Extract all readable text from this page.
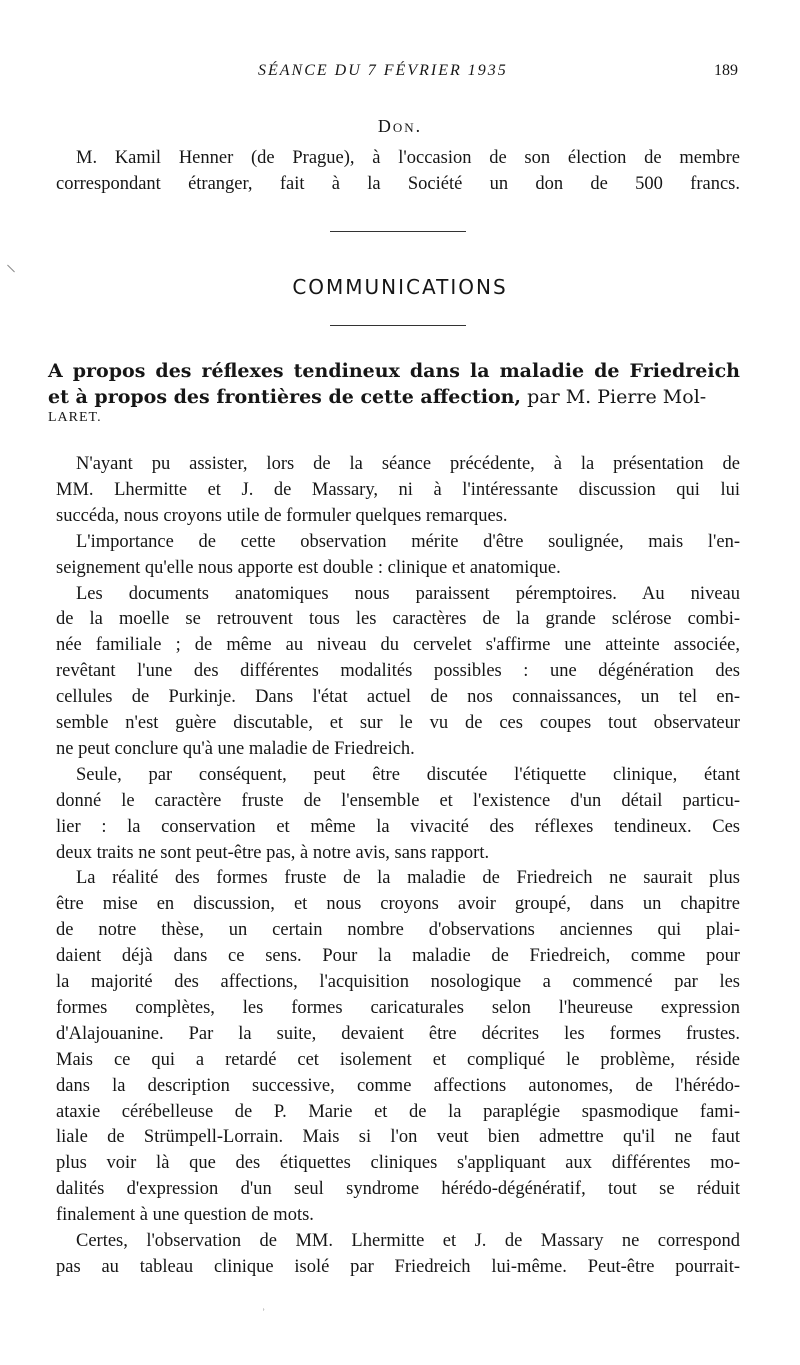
SÉANCE DU 7 FÉVRIER 1935	189
Don.
M. Kamil Henner (de Prague), à l'occasion de son élection de membre
correspondant étranger, fait à la Société un don de 500 francs.
COMMUNICATIONS
A propos des réflexes tendineux dans la maladie de Friedreich
et à propos des frontières de cette affection, par M. Pierre Mol-
LARET.
N'ayant pu assister, lors de la séance précédente, à la présentation de
MM. Lhermitte et J. de Massary, ni à l'intéressante discussion qui lui
succéda, nous croyons utile de formuler quelques remarques.
L'importance de cette observation mérite d'être soulignée, mais l'en-
seignement qu'elle nous apporte est double : clinique et anatomique.
Les documents anatomiques nous paraissent péremptoires. Au niveau
de la moelle se retrouvent tous les caractères de la grande sclérose combi-
née familiale ; de même au niveau du cervelet s'affirme une atteinte associée,
revêtant l'une des différentes modalités possibles : une dégénération des
cellules de Purkinje. Dans l'état actuel de nos connaissances, un tel en-
semble n'est guère discutable, et sur le vu de ces coupes tout observateur
ne peut conclure qu'à une maladie de Friedreich.
Seule, par conséquent, peut être discutée l'étiquette clinique, étant
donné le caractère fruste de l'ensemble et l'existence d'un détail particu-
lier : la conservation et même la vivacité des réflexes tendineux. Ces
deux traits ne sont peut-être pas, à notre avis, sans rapport.
La réalité des formes fruste de la maladie de Friedreich ne saurait plus
être mise en discussion, et nous croyons avoir groupé, dans un chapitre
de notre thèse, un certain nombre d'observations anciennes qui plai-
daient déjà dans ce sens. Pour la maladie de Friedreich, comme pour
la majorité des affections, l'acquisition nosologique a commencé par les
formes complètes, les formes caricaturales selon l'heureuse expression
d'Alajouanine. Par la suite, devaient être décrites les formes frustes.
Mais ce qui a retardé cet isolement et compliqué le problème, réside
dans la description successive, comme affections autonomes, de l'hérédo-
ataxie cérébelleuse de P. Marie et de la paraplégie spasmodique fami-
liale de Strümpell-Lorrain. Mais si l'on veut bien admettre qu'il ne faut
plus voir là que des étiquettes cliniques s'appliquant aux différentes mo-
dalités d'expression d'un seul syndrome hérédo-dégénératif, tout se réduit
finalement à une question de mots.
Certes, l'observation de MM. Lhermitte et J. de Massary ne correspond
pas au tableau clinique isolé par Friedreich lui-même. Peut-être pourrait-
˒
